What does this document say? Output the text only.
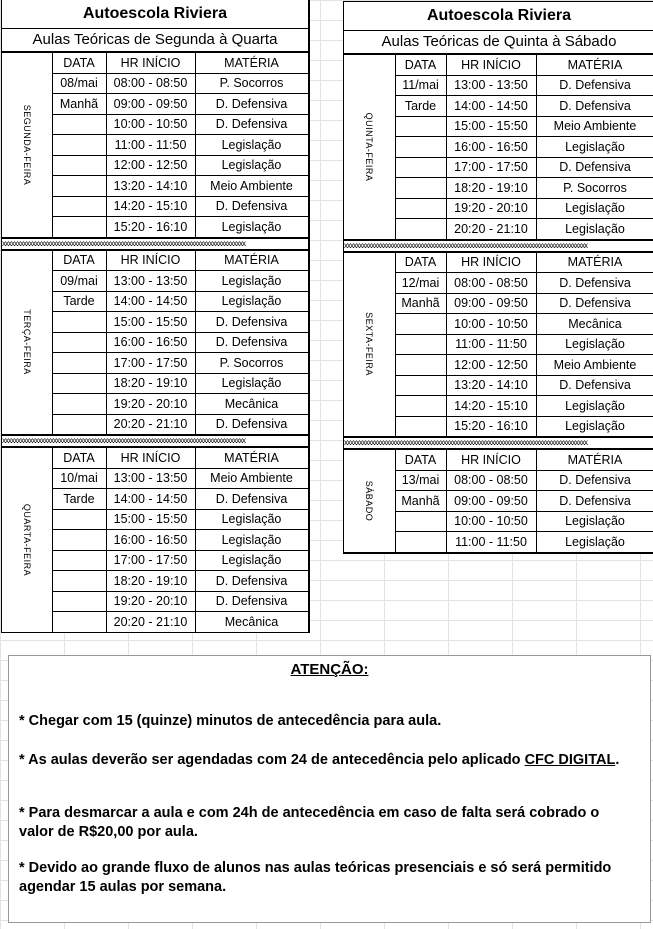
Autoescola Riviera
Aulas Teóricas de Segunda à Quarta
SEGUNDA-FEIRA	DATA	HR INÍCIO	MATÉRIA
	08/mai	08:00 - 08:50	P. Socorros
	Manhã	09:00 - 09:50	D. Defensiva
		10:00 - 10:50	D. Defensiva
		11:00 - 11:50	Legislação
		12:00 - 12:50	Legislação
		13:20 - 14:10	Meio Ambiente
		14:20 - 15:10	D. Defensiva
		15:20 - 16:10	Legislação
xxxxxxxxxxxxxxxxxxxxxxxxxxxxxxxxxxxxxxxxxxxxxxxxxxxxxxxxxxxxxxxxxxxxxxxxxxxxxxxxx
TERÇA-FEIRA	DATA	HR INÍCIO	MATÉRIA
	09/mai	13:00 - 13:50	Legislação
	Tarde	14:00 - 14:50	Legislação
		15:00 - 15:50	D. Defensiva
		16:00 - 16:50	D. Defensiva
		17:00 - 17:50	P. Socorros
		18:20 - 19:10	Legislação
		19:20 - 20:10	Mecânica
		20:20 - 21:10	D. Defensiva
xxxxxxxxxxxxxxxxxxxxxxxxxxxxxxxxxxxxxxxxxxxxxxxxxxxxxxxxxxxxxxxxxxxxxxxxxxxxxxxxx
QUARTA-FEIRA	DATA	HR INÍCIO	MATÉRIA
	10/mai	13:00 - 13:50	Meio Ambiente
	Tarde	14:00 - 14:50	D. Defensiva
		15:00 - 15:50	Legislação
		16:00 - 16:50	Legislação
		17:00 - 17:50	Legislação
		18:20 - 19:10	D. Defensiva
		19:20 - 20:10	D. Defensiva
		20:20 - 21:10	Mecânica
Autoescola Riviera
Aulas Teóricas de Quinta à Sábado
QUINTA-FEIRA	DATA	HR INÍCIO	MATÉRIA
	11/mai	13:00 - 13:50	D. Defensiva
	Tarde	14:00 - 14:50	D. Defensiva
		15:00 - 15:50	Meio Ambiente
		16:00 - 16:50	Legislação
		17:00 - 17:50	D. Defensiva
		18:20 - 19:10	P. Socorros
		19:20 - 20:10	Legislação
		20:20 - 21:10	Legislação
xxxxxxxxxxxxxxxxxxxxxxxxxxxxxxxxxxxxxxxxxxxxxxxxxxxxxxxxxxxxxxxxxxxxxxxxxxxxxxxxx
SEXTA-FEIRA	DATA	HR INÍCIO	MATÉRIA
	12/mai	08:00 - 08:50	D. Defensiva
	Manhã	09:00 - 09:50	D. Defensiva
		10:00 - 10:50	Mecânica
		11:00 - 11:50	Legislação
		12:00 - 12:50	Meio Ambiente
		13:20 - 14:10	D. Defensiva
		14:20 - 15:10	Legislação
		15:20 - 16:10	Legislação
xxxxxxxxxxxxxxxxxxxxxxxxxxxxxxxxxxxxxxxxxxxxxxxxxxxxxxxxxxxxxxxxxxxxxxxxxxxxxxxxx
SÁBADO	DATA	HR INÍCIO	MATÉRIA
	13/mai	08:00 - 08:50	D. Defensiva
	Manhã	09:00 - 09:50	D. Defensiva
		10:00 - 10:50	Legislação
		11:00 - 11:50	Legislação
ATENÇÃO:

* Chegar com 15 (quinze) minutos de antecedência para aula.

* As aulas deverão ser agendadas com 24 de antecedência pelo aplicado CFC DIGITAL.

* Para desmarcar a aula e com 24h de antecedência em caso de falta será cobrado o valor de R$20,00 por aula.

* Devido ao grande fluxo de alunos nas aulas teóricas presenciais e só será permitido agendar 15 aulas por semana.
